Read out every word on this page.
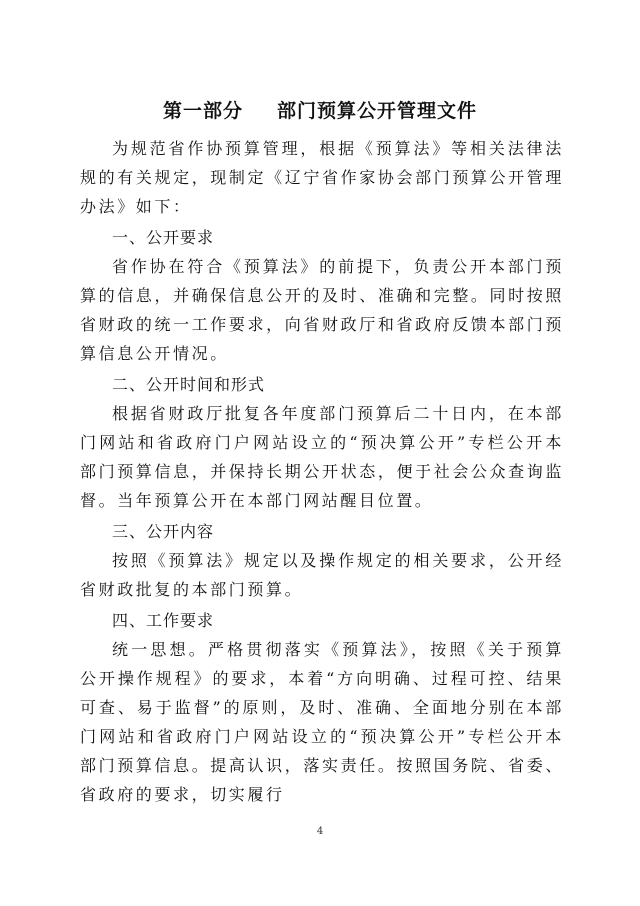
第一部分 部门预算公开管理文件

为规范省作协预算管理，根据《预算法》等相关法律法规的有关规定，现制定《辽宁省作家协会部门预算公开管理办法》如下：

一、公开要求

省作协在符合《预算法》的前提下，负责公开本部门预算的信息，并确保信息公开的及时、准确和完整。同时按照省财政的统一工作要求，向省财政厅和省政府反馈本部门预算信息公开情况。

二、公开时间和形式

根据省财政厅批复各年度部门预算后二十日内，在本部门网站和省政府门户网站设立的“预决算公开”专栏公开本部门预算信息，并保持长期公开状态，便于社会公众查询监督。当年预算公开在本部门网站醒目位置。

三、公开内容

按照《预算法》规定以及操作规定的相关要求，公开经省财政批复的本部门预算。

四、工作要求

统一思想。严格贯彻落实《预算法》，按照《关于预算公开操作规程》的要求，本着“方向明确、过程可控、结果可查、易于监督”的原则，及时、准确、全面地分别在本部门网站和省政府门户网站设立的“预决算公开”专栏公开本部门预算信息。提高认识，落实责任。按照国务院、省委、省政府的要求，切实履行

4
